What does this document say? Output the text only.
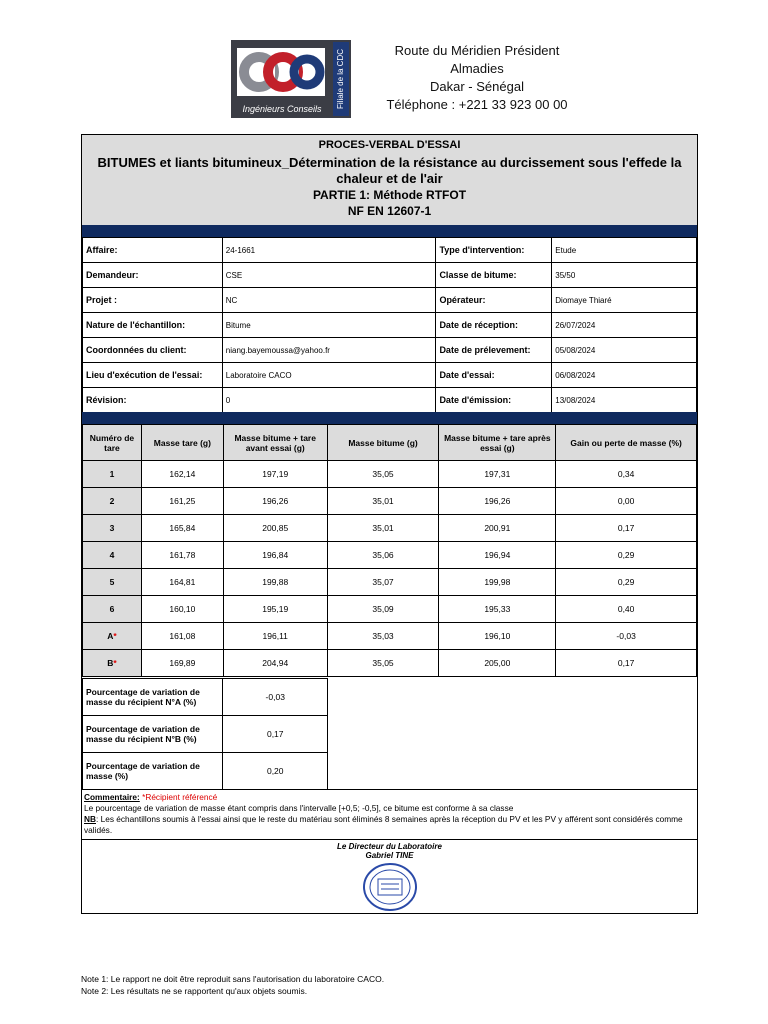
Filiale de la CDC
Ingénieurs Conseils
Route du Méridien Président
Almadies
Dakar - Sénégal
Téléphone : +221 33 923 00 00
PROCES-VERBAL D'ESSAI
BITUMES et liants bitumineux_Détermination de la résistance au durcissement sous l'effede la chaleur et de l'air
PARTIE 1: Méthode RTFOT
NF EN 12607-1
Affaire:	24-1661	Type d'intervention:	Etude
Demandeur:	CSE	Classe de bitume:	35/50
Projet :	NC	Opérateur:	Diomaye Thiaré
Nature de l'échantillon:	Bitume	Date de réception:	26/07/2024
Coordonnées du client:	niang.bayemoussa@yahoo.fr	Date de prélevement:	05/08/2024
Lieu d'exécution de l'essai:	Laboratoire CACO	Date d'essai:	06/08/2024
Révision:	0	Date d'émission:	13/08/2024
Numéro de tare	Masse tare (g)	Masse bitume + tare avant essai (g)	Masse bitume (g)	Masse bitume + tare après essai (g)	Gain ou perte de masse (%)
1	162,14	197,19	35,05	197,31	0,34
2	161,25	196,26	35,01	196,26	0,00
3	165,84	200,85	35,01	200,91	0,17
4	161,78	196,84	35,06	196,94	0,29
5	164,81	199,88	35,07	199,98	0,29
6	160,10	195,19	35,09	195,33	0,40
A*	161,08	196,11	35,03	196,10	-0,03
B*	169,89	204,94	35,05	205,00	0,17
Pourcentage de variation de masse du récipient N°A (%)	-0,03
Pourcentage de variation de masse du récipient N°B (%)	0,17
Pourcentage de variation de masse (%)	0,20
Commentaire: *Récipient référencé
Le pourcentage de variation de masse étant compris dans l'intervalle [+0,5; -0,5], ce bitume est conforme à sa classe
NB: Les échantillons soumis à l'essai ainsi que le reste du matériau sont éliminés 8 semaines après la réception du PV et les PV y afférent sont considérés comme validés.
Le Directeur du Laboratoire
Gabriel TINE
Note 1: Le rapport ne doit être reproduit sans l'autorisation du laboratoire CACO.
Note 2: Les résultats ne se rapportent qu'aux objets soumis.
